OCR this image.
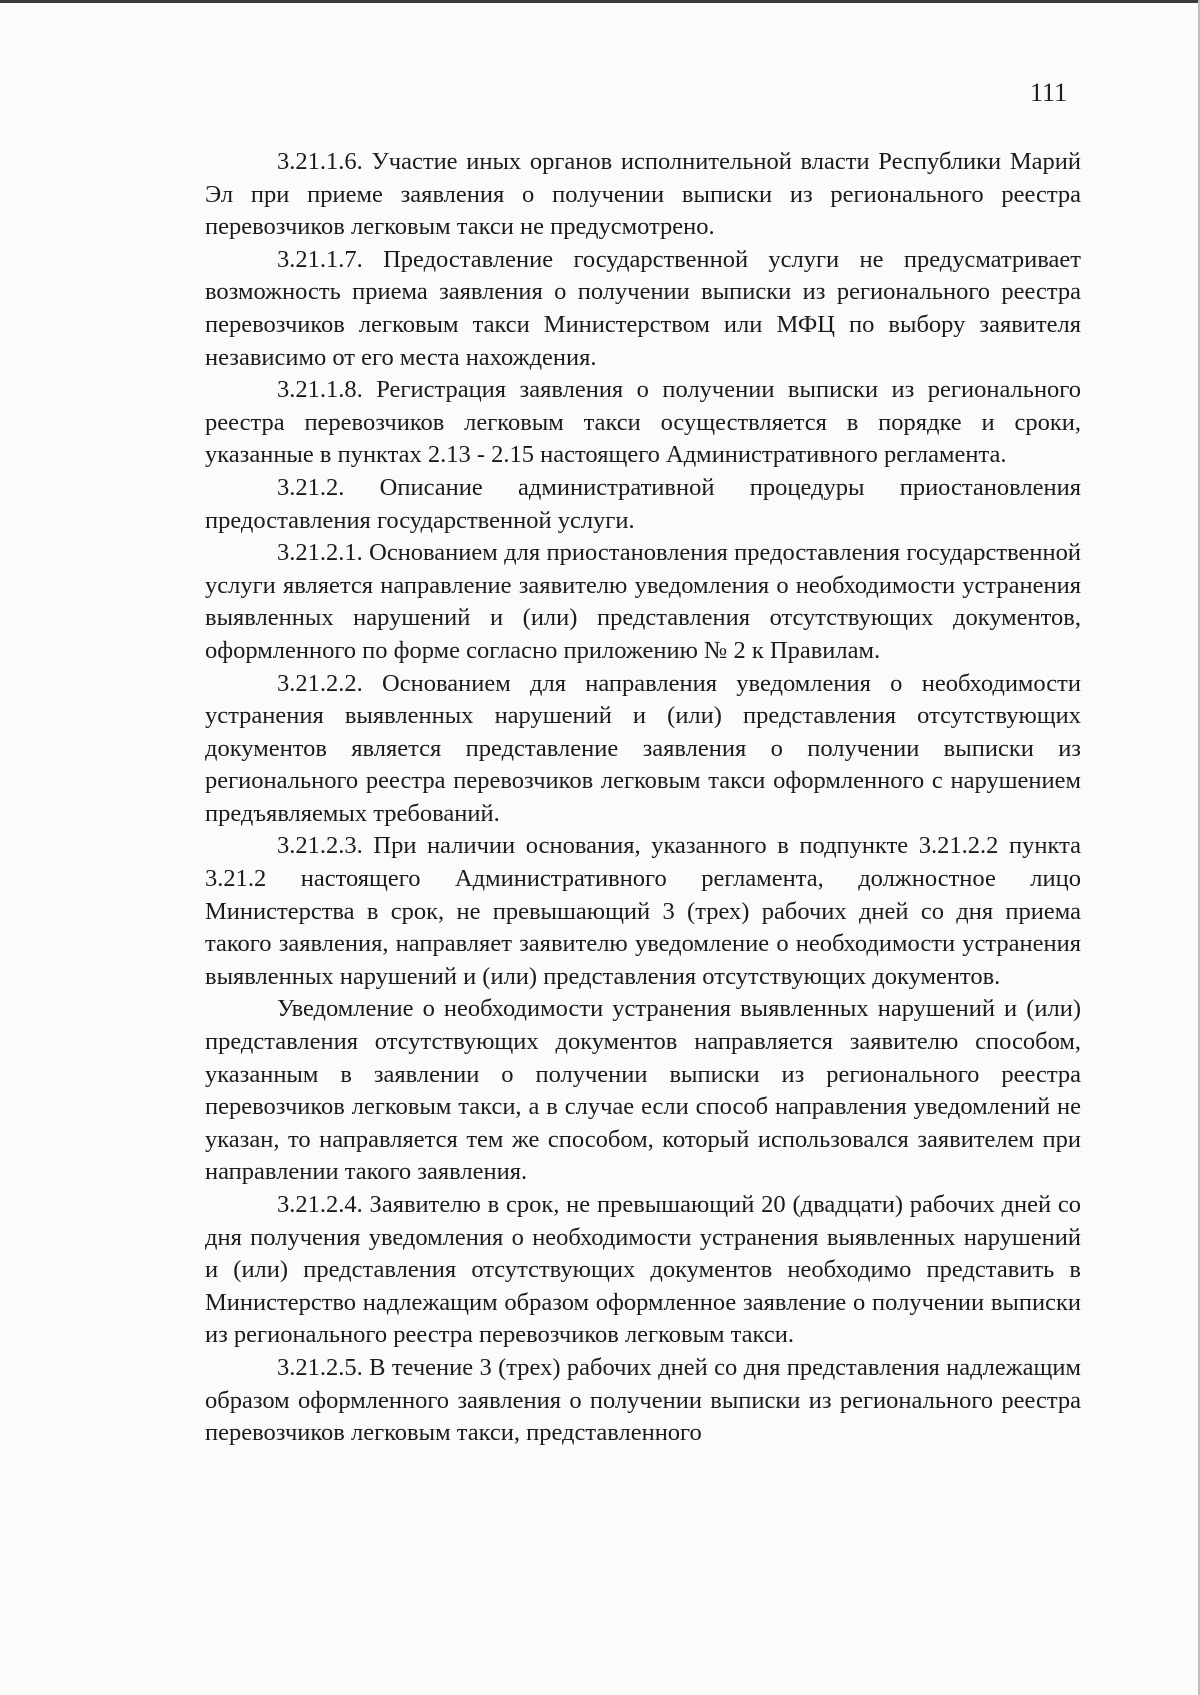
111

3.21.1.6. Участие иных органов исполнительной власти Республики Марий Эл при приеме заявления о получении выписки из регионального реестра перевозчиков легковым такси не предусмотрено.

3.21.1.7. Предоставление государственной услуги не предусматривает возможность приема заявления о получении выписки из регионального реестра перевозчиков легковым такси Министерством или МФЦ по выбору заявителя независимо от его места нахождения.

3.21.1.8. Регистрация заявления о получении выписки из регионального реестра перевозчиков легковым такси осуществляется в порядке и сроки, указанные в пунктах 2.13 - 2.15 настоящего Административного регламента.

3.21.2. Описание административной процедуры приостановления предоставления государственной услуги.

3.21.2.1. Основанием для приостановления предоставления государственной услуги является направление заявителю уведомления о необходимости устранения выявленных нарушений и (или) представления отсутствующих документов, оформленного по форме согласно приложению № 2 к Правилам.

3.21.2.2. Основанием для направления уведомления о необходимости устранения выявленных нарушений и (или) представления отсутствующих документов является представление заявления о получении выписки из регионального реестра перевозчиков легковым такси оформленного с нарушением предъявляемых требований.

3.21.2.3. При наличии основания, указанного в подпункте 3.21.2.2 пункта 3.21.2 настоящего Административного регламента, должностное лицо Министерства в срок, не превышающий 3 (трех) рабочих дней со дня приема такого заявления, направляет заявителю уведомление о необходимости устранения выявленных нарушений и (или) представления отсутствующих документов.

Уведомление о необходимости устранения выявленных нарушений и (или) представления отсутствующих документов направляется заявителю способом, указанным в заявлении о получении выписки из регионального реестра перевозчиков легковым такси, а в случае если способ направления уведомлений не указан, то направляется тем же способом, который использовался заявителем при направлении такого заявления.

3.21.2.4. Заявителю в срок, не превышающий 20 (двадцати) рабочих дней со дня получения уведомления о необходимости устранения выявленных нарушений и (или) представления отсутствующих документов необходимо представить в Министерство надлежащим образом оформленное заявление о получении выписки из регионального реестра перевозчиков легковым такси.

3.21.2.5. В течение 3 (трех) рабочих дней со дня представления надлежащим образом оформленного заявления о получении выписки из регионального реестра перевозчиков легковым такси, представленного
